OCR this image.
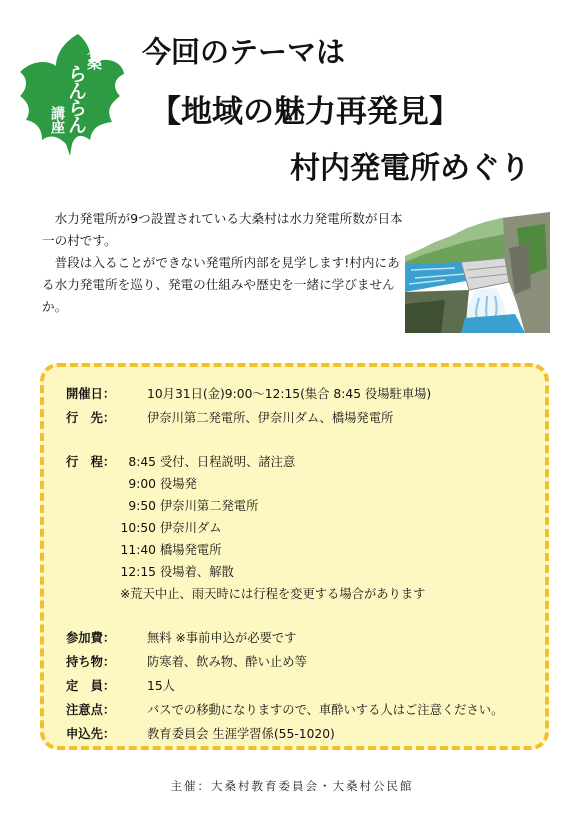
大桑
らんらん
講座
今回のテーマは
【地域の魅力再発見】
村内発電所めぐり

水力発電所が9つ設置されている大桑村は水力発電所数が日本一の村です。

普段は入ることができない発電所内部を見学します!村内にある水力発電所を巡り、発電の仕組みや歴史を一緒に学びませんか。

開催日：	10月31日(金)9:00～12:15(集合 8:45 役場駐車場)
行　先：	伊奈川第二発電所、伊奈川ダム、橋場発電所
行　程：	8:45 受付、日程説明、諸注意
9:00 役場発
9:50 伊奈川第二発電所
10:50 伊奈川ダム
11:40 橋場発電所
12:15 役場着、解散
※荒天中止、雨天時には行程を変更する場合があります
参加費：	無料 ※事前申込が必要です
持ち物：	防寒着、飲み物、酔い止め等
定　員：	15人
注意点：	バスでの移動になりますので、車酔いする人はご注意ください。
申込先：	教育委員会 生涯学習係(55-1020)
主催：大桑村教育委員会・大桑村公民館
